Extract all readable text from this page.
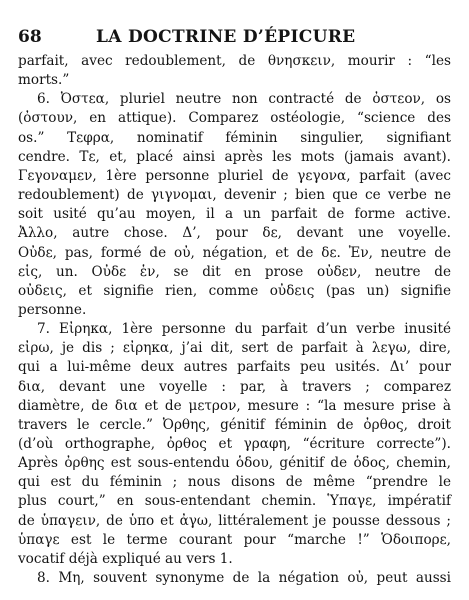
68	LA DOCTRINE D’ÉPICURE
parfait, avec redoublement, de θνησκειν, mourir : “les
morts.”
6. Ὀστεα, pluriel neutre non contracté de ὀστεον, os
(ὀστουν, en attique). Comparez ostéologie, “science des
os.” Τεφρα, nominatif féminin singulier, signifiant
cendre. Τε, et, placé ainsi après les mots (jamais avant).
Γεγοναμεν, 1ère personne pluriel de γεγονα, parfait (avec
redoublement) de γιγνομαι, devenir ; bien que ce verbe ne
soit usité qu’au moyen, il a un parfait de forme active.
Ἀλλο, autre chose. Δ’, pour δε, devant une voyelle.
Οὐδε, pas, formé de οὐ, négation, et de δε. Ἐν, neutre de
εἱς, un. Οὐδε ἑν, se dit en prose οὐδεν, neutre de
οὐδεις, et signifie rien, comme οὐδεις (pas un) signifie
personne.
7. Εἰρηκα, 1ère personne du parfait d’un verbe inusité
εἰρω, je dis ; εἰρηκα, j’ai dit, sert de parfait à λεγω, dire,
qui a lui-même deux autres parfaits peu usités. Δι’ pour
δια, devant une voyelle : par, à travers ; comparez
diamètre, de δια et de μετρον, mesure : “la mesure prise à
travers le cercle.” Ὀρθης, génitif féminin de ὀρθος, droit
(d’où orthographe, ὀρθος et γραφη, “écriture correcte”).
Après ὀρθης est sous-entendu ὁδου, génitif de ὁδος, chemin,
qui est du féminin ; nous disons de même “prendre le
plus court,” en sous-entendant chemin. Ὑπαγε, impératif
de ὑπαγειν, de ὑπο et ἀγω, littéralement je pousse dessous ;
ὑπαγε est le terme courant pour “marche !” Ὁδοιπορε,
vocatif déjà expliqué au vers 1.
8. Μη, souvent synonyme de la négation οὐ, peut aussi
